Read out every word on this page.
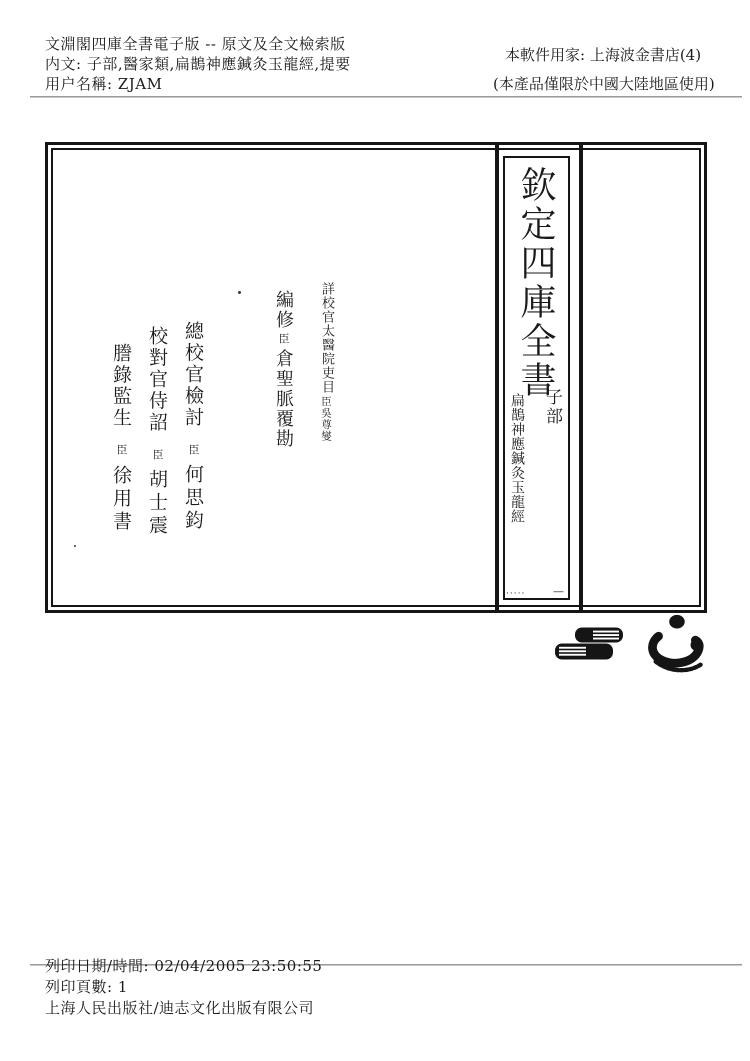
文淵閣四庫全書電子版 -- 原文及全文檢索版
内文: 子部,醫家類,扁鵲神應鍼灸玉龍經,提要
用户名稱: ZJAM
本軟件用家: 上海波金書店(4)
(本產品僅限於中國大陸地區使用)
欽定四庫全書
子部
扁鵲神應鍼灸玉龍經
·····	—
詳校官太醫院吏目臣吳尊燮
編修臣倉聖脈覆勘
總校官檢討臣何思鈞
校對官侍詔臣胡士震
謄錄監生臣徐用書
列印日期/時間: 02/04/2005 23:50:55
列印頁數: 1
上海人民出版社/迪志文化出版有限公司
